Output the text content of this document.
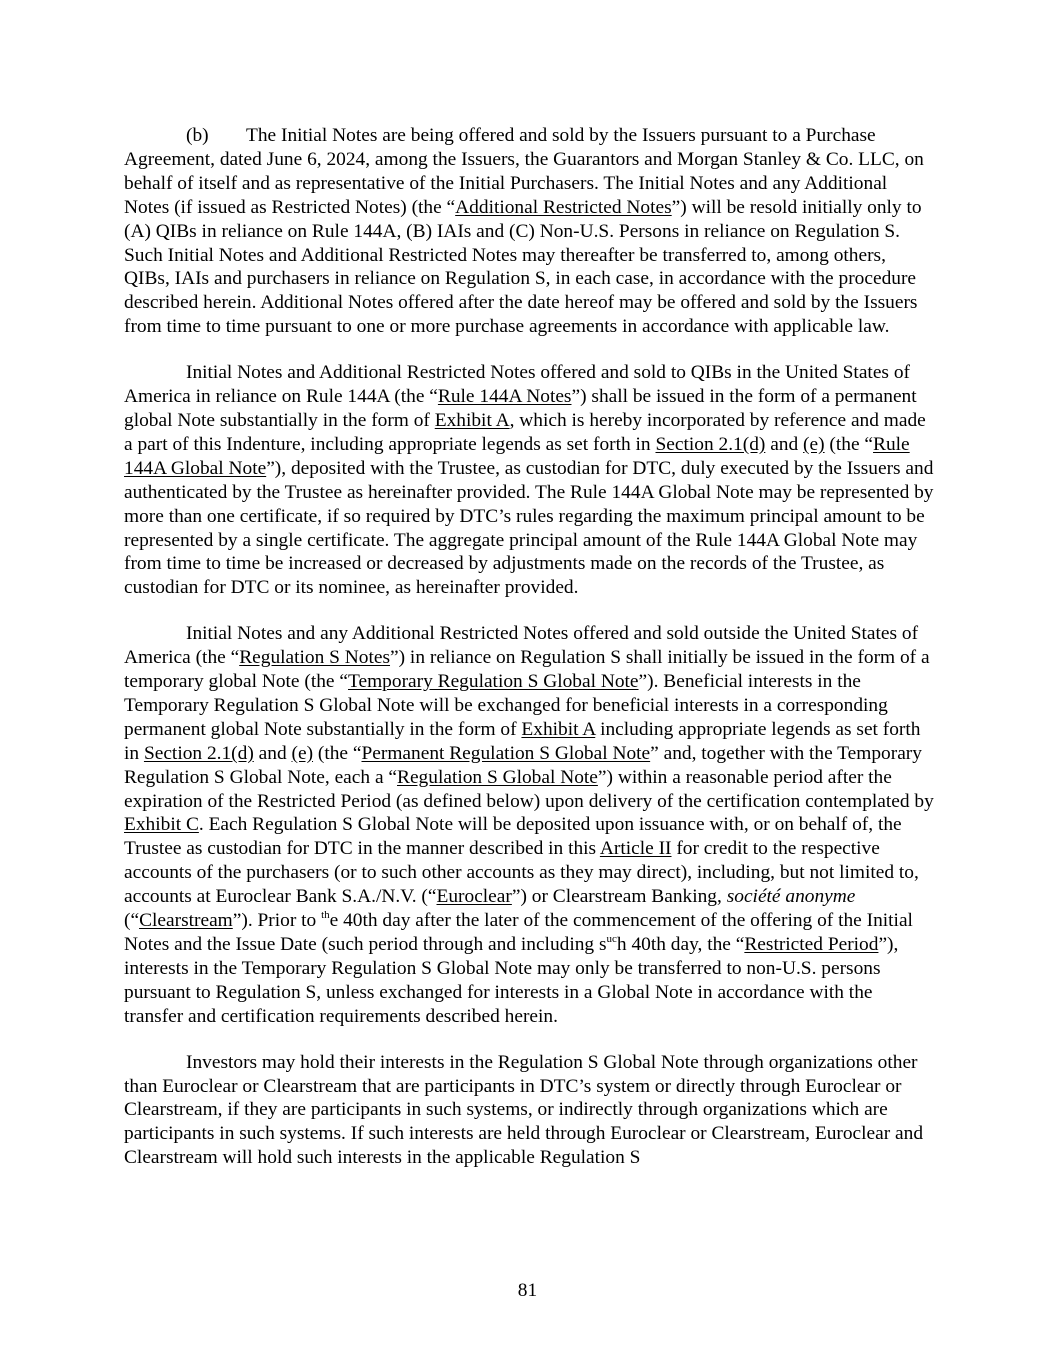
(b) The Initial Notes are being offered and sold by the Issuers pursuant to a Purchase Agreement, dated June 6, 2024, among the Issuers, the Guarantors and Morgan Stanley & Co. LLC, on behalf of itself and as representative of the Initial Purchasers. The Initial Notes and any Additional Notes (if issued as Restricted Notes) (the “Additional Restricted Notes”) will be resold initially only to (A) QIBs in reliance on Rule 144A, (B) IAIs and (C) Non-U.S. Persons in reliance on Regulation S. Such Initial Notes and Additional Restricted Notes may thereafter be transferred to, among others, QIBs, IAIs and purchasers in reliance on Regulation S, in each case, in accordance with the procedure described herein. Additional Notes offered after the date hereof may be offered and sold by the Issuers from time to time pursuant to one or more purchase agreements in accordance with applicable law.

Initial Notes and Additional Restricted Notes offered and sold to QIBs in the United States of America in reliance on Rule 144A (the “Rule 144A Notes”) shall be issued in the form of a permanent global Note substantially in the form of Exhibit A, which is hereby incorporated by reference and made a part of this Indenture, including appropriate legends as set forth in Section 2.1(d) and (e) (the “Rule 144A Global Note”), deposited with the Trustee, as custodian for DTC, duly executed by the Issuers and authenticated by the Trustee as hereinafter provided. The Rule 144A Global Note may be represented by more than one certificate, if so required by DTC’s rules regarding the maximum principal amount to be represented by a single certificate. The aggregate principal amount of the Rule 144A Global Note may from time to time be increased or decreased by adjustments made on the records of the Trustee, as custodian for DTC or its nominee, as hereinafter provided.

Initial Notes and any Additional Restricted Notes offered and sold outside the United States of America (the “Regulation S Notes”) in reliance on Regulation S shall initially be issued in the form of a temporary global Note (the “Temporary Regulation S Global Note”). Beneficial interests in the Temporary Regulation S Global Note will be exchanged for beneficial interests in a corresponding permanent global Note substantially in the form of Exhibit A including appropriate legends as set forth in Section 2.1(d) and (e) (the “Permanent Regulation S Global Note” and, together with the Temporary Regulation S Global Note, each a “Regulation S Global Note”) within a reasonable period after the expiration of the Restricted Period (as defined below) upon delivery of the certification contemplated by Exhibit C. Each Regulation S Global Note will be deposited upon issuance with, or on behalf of, the Trustee as custodian for DTC in the manner described in this Article II for credit to the respective accounts of the purchasers (or to such other accounts as they may direct), including, but not limited to, accounts at Euroclear Bank S.A./N.V. (“Euroclear”) or Clearstream Banking, société anonyme (“Clearstream”). Prior to $^{th}$e 40th day after the later of the commencement of the offering of the Initial Notes and the Issue Date (such period through and including $s^{uc}h$ 40th day, the “Restricted Period”), interests in the Temporary Regulation S Global Note may only be transferred to non-U.S. persons pursuant to Regulation S, unless exchanged for interests in a Global Note in accordance with the transfer and certification requirements described herein.

Investors may hold their interests in the Regulation S Global Note through organizations other than Euroclear or Clearstream that are participants in DTC’s system or directly through Euroclear or Clearstream, if they are participants in such systems, or indirectly through organizations which are participants in such systems. If such interests are held through Euroclear or Clearstream, Euroclear and Clearstream will hold such interests in the applicable Regulation S

81
